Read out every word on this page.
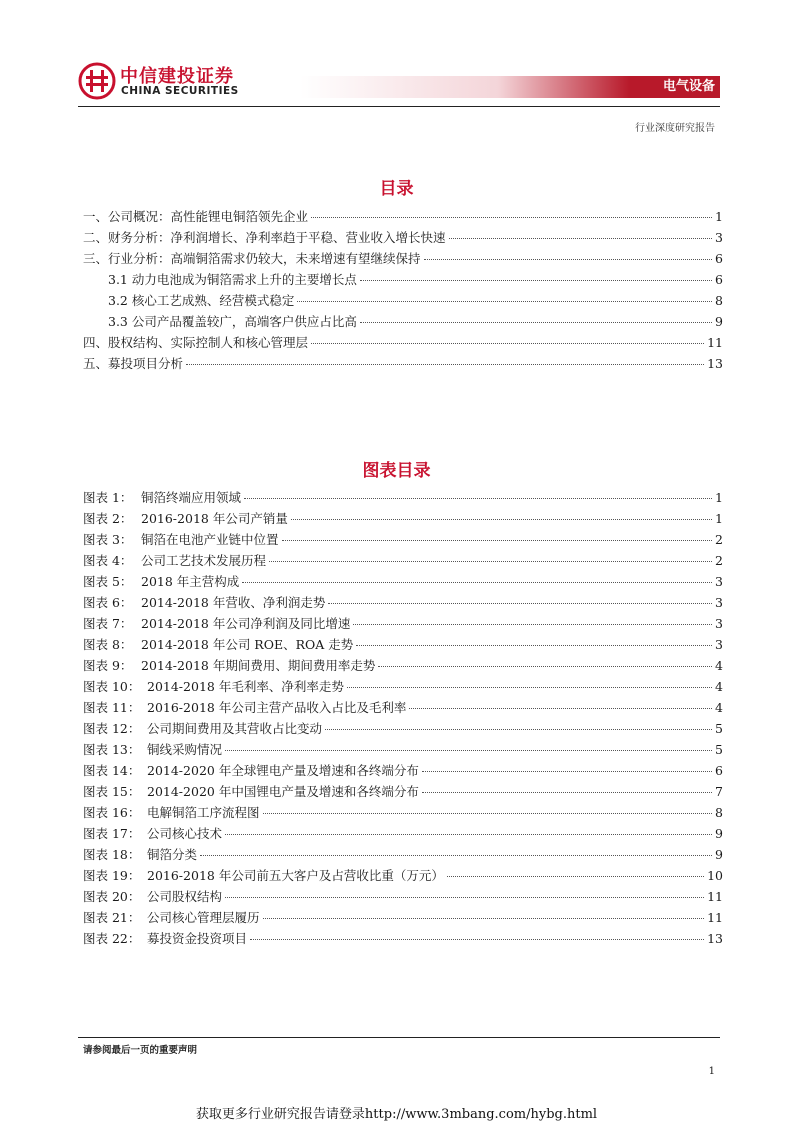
中信建投证券
CHINA SECURITIES	电气设备
行业深度研究报告
目录
一、公司概况：高性能锂电铜箔领先企业	1
二、财务分析：净利润增长、净利率趋于平稳、营业收入增长快速	3
三、行业分析：高端铜箔需求仍较大，未来增速有望继续保持	6
3.1 动力电池成为铜箔需求上升的主要增长点	6
3.2 核心工艺成熟、经营模式稳定	8
3.3 公司产品覆盖较广，高端客户供应占比高	9
四、股权结构、实际控制人和核心管理层	11
五、募投项目分析	13
图表目录
图表 1： 铜箔终端应用领域	1
图表 2： 2016-2018 年公司产销量	1
图表 3： 铜箔在电池产业链中位置	2
图表 4： 公司工艺技术发展历程	2
图表 5： 2018 年主营构成	3
图表 6： 2014-2018 年营收、净利润走势	3
图表 7： 2014-2018 年公司净利润及同比增速	3
图表 8： 2014-2018 年公司 ROE、ROA 走势	3
图表 9： 2014-2018 年期间费用、期间费用率走势	4
图表 10： 2014-2018 年毛利率、净利率走势	4
图表 11： 2016-2018 年公司主营产品收入占比及毛利率	4
图表 12： 公司期间费用及其营收占比变动	5
图表 13： 铜线采购情况	5
图表 14： 2014-2020 年全球锂电产量及增速和各终端分布	6
图表 15： 2014-2020 年中国锂电产量及增速和各终端分布	7
图表 16： 电解铜箔工序流程图	8
图表 17： 公司核心技术	9
图表 18： 铜箔分类	9
图表 19： 2016-2018 年公司前五大客户及占营收比重（万元）	10
图表 20： 公司股权结构	11
图表 21： 公司核心管理层履历	11
图表 22： 募投资金投资项目	13
请参阅最后一页的重要声明
1
获取更多行业研究报告请登录http://www.3mbang.com/hybg.html
